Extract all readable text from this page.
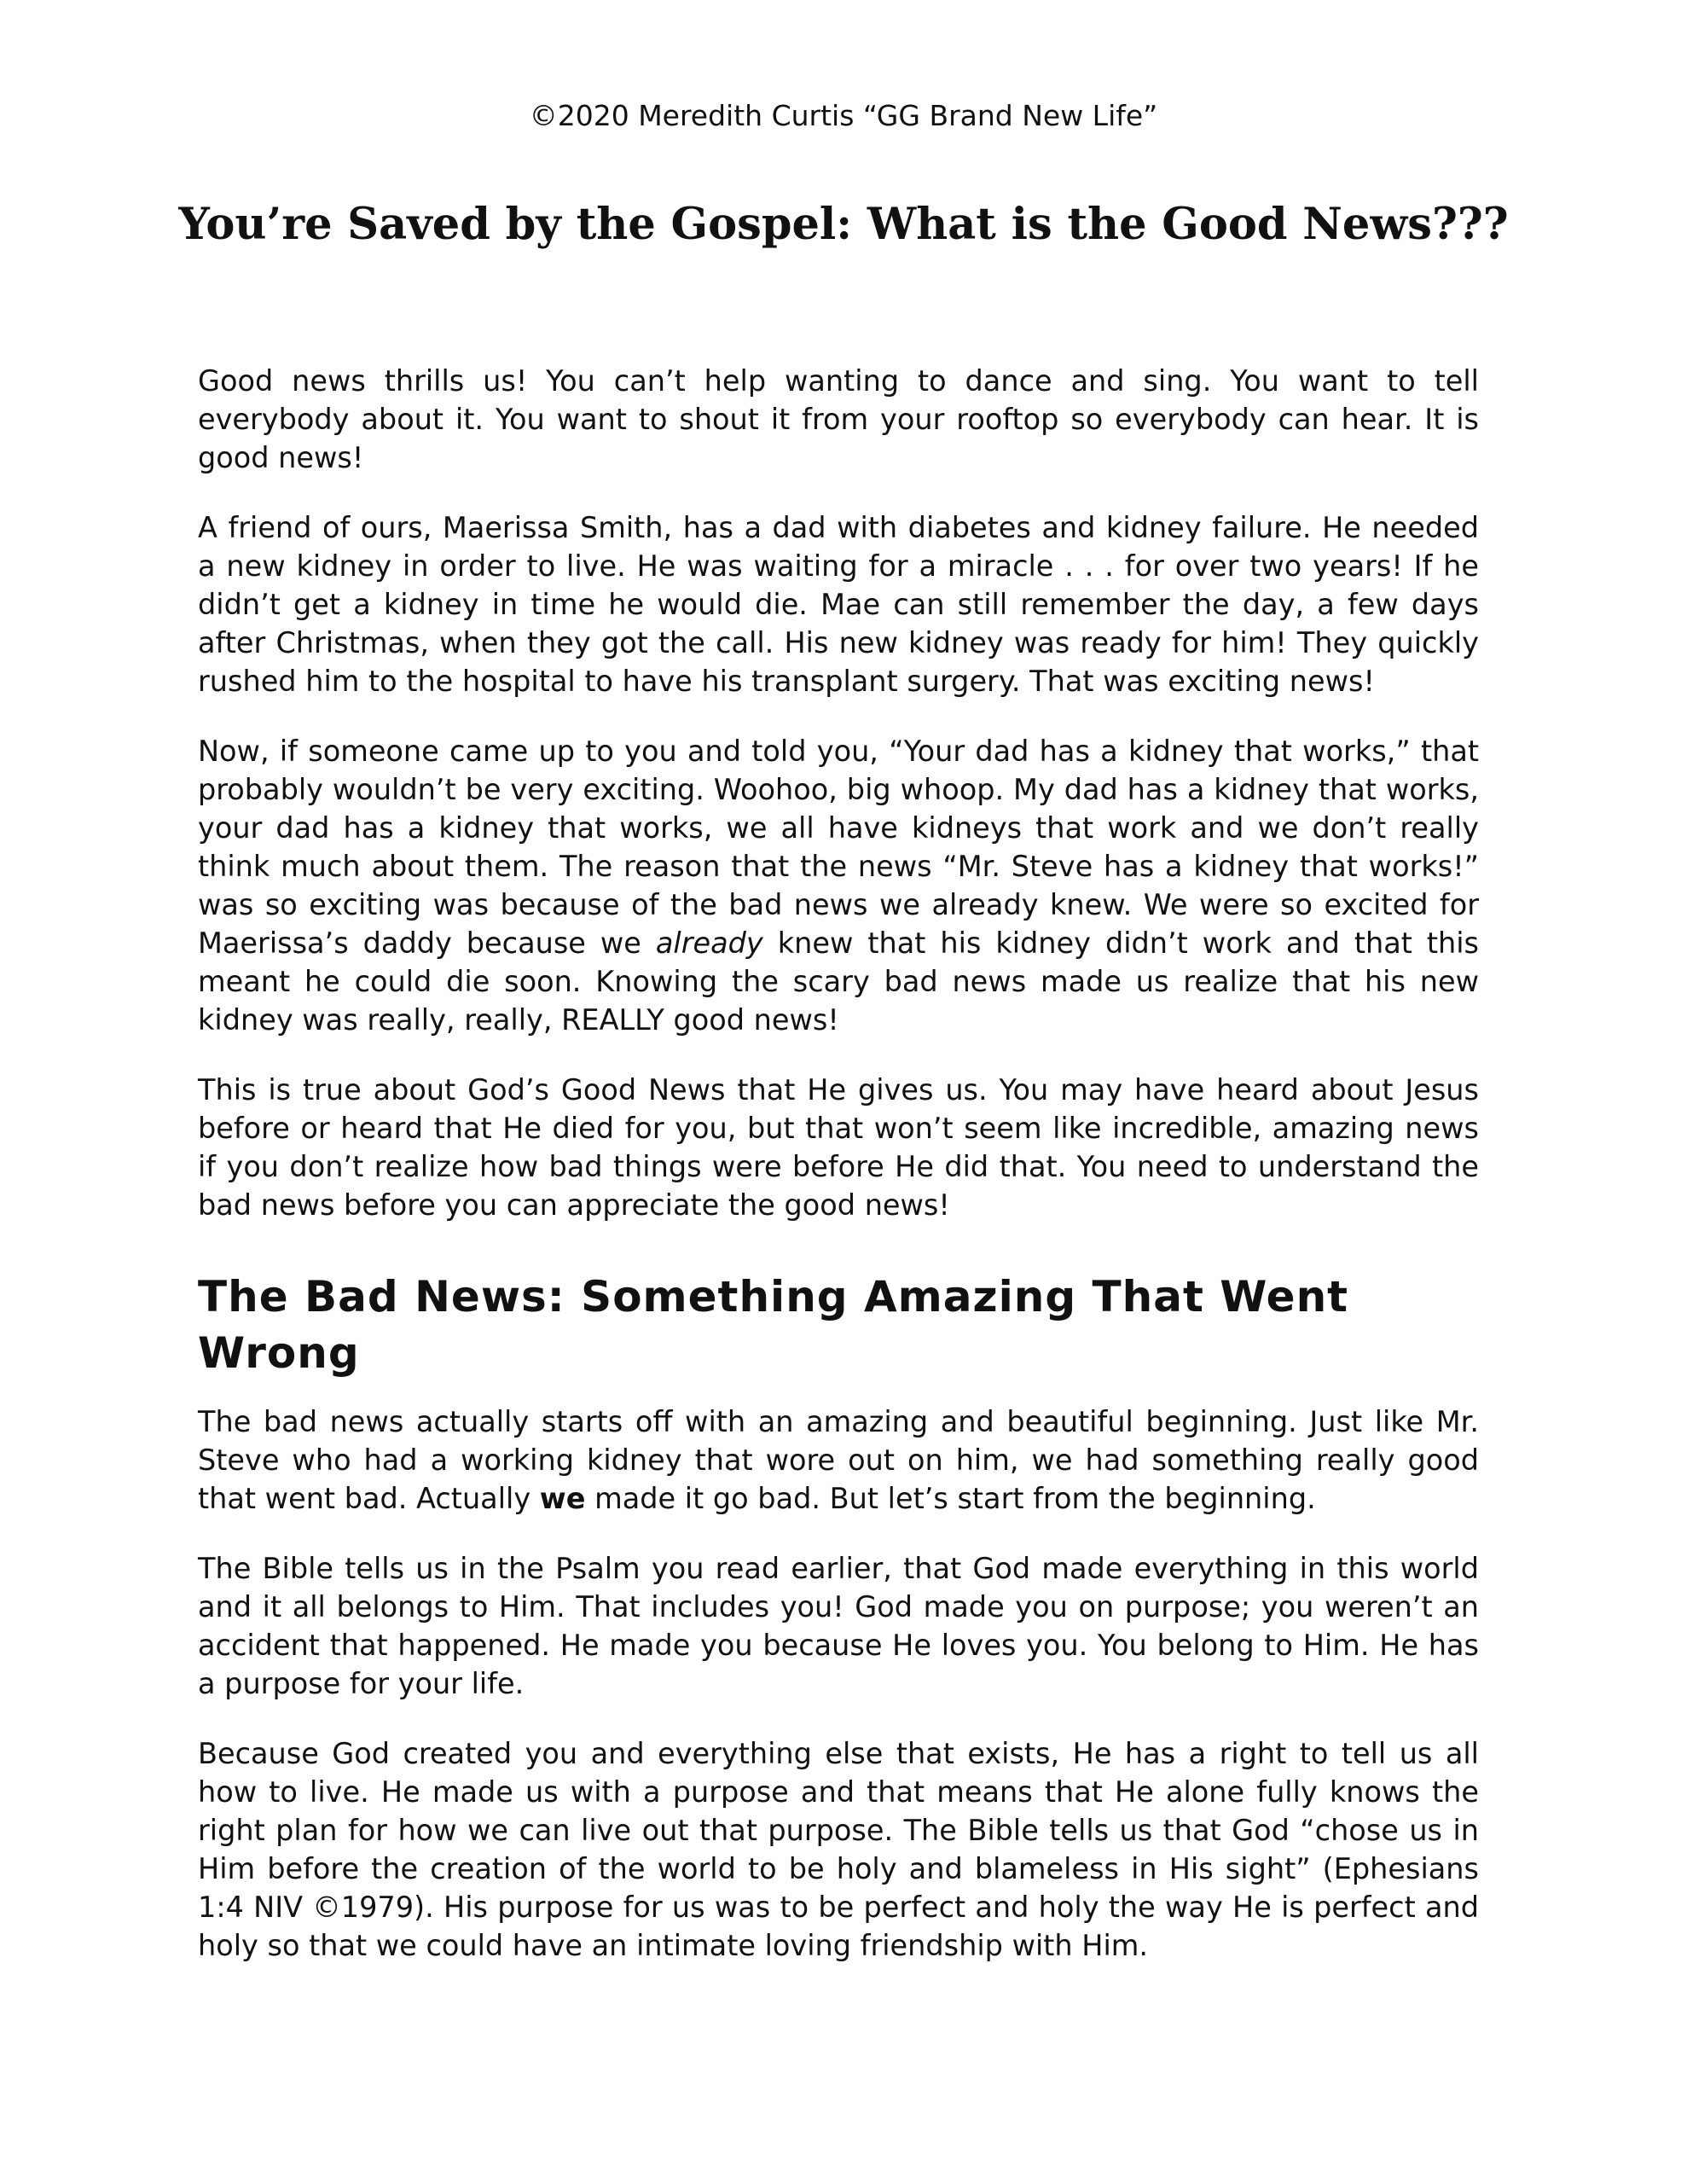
©2020 Meredith Curtis “GG Brand New Life”
You’re Saved by the Gospel: What is the Good News???

Good news thrills us! You can’t help wanting to dance and sing. You want to tell everybody about it. You want to shout it from your rooftop so everybody can hear. It is good news!

A friend of ours, Maerissa Smith, has a dad with diabetes and kidney failure. He needed a new kidney in order to live. He was waiting for a miracle . . . for over two years! If he didn’t get a kidney in time he would die. Mae can still remember the day, a few days after Christmas, when they got the call. His new kidney was ready for him! They quickly rushed him to the hospital to have his transplant surgery. That was exciting news!

Now, if someone came up to you and told you, “Your dad has a kidney that works,” that probably wouldn’t be very exciting. Woohoo, big whoop. My dad has a kidney that works, your dad has a kidney that works, we all have kidneys that work and we don’t really think much about them. The reason that the news “Mr. Steve has a kidney that works!” was so exciting was because of the bad news we already knew. We were so excited for Maerissa’s daddy because we already knew that his kidney didn’t work and that this meant he could die soon. Knowing the scary bad news made us realize that his new kidney was really, really, REALLY good news!

This is true about God’s Good News that He gives us. You may have heard about Jesus before or heard that He died for you, but that won’t seem like incredible, amazing news if you don’t realize how bad things were before He did that. You need to understand the bad news before you can appreciate the good news!

The Bad News: Something Amazing That Went Wrong

The bad news actually starts off with an amazing and beautiful beginning. Just like Mr. Steve who had a working kidney that wore out on him, we had something really good that went bad. Actually we made it go bad. But let’s start from the beginning.

The Bible tells us in the Psalm you read earlier, that God made everything in this world and it all belongs to Him. That includes you! God made you on purpose; you weren’t an accident that happened. He made you because He loves you. You belong to Him. He has a purpose for your life.

Because God created you and everything else that exists, He has a right to tell us all how to live. He made us with a purpose and that means that He alone fully knows the right plan for how we can live out that purpose. The Bible tells us that God “chose us in Him before the creation of the world to be holy and blameless in His sight” (Ephesians 1:4 NIV ©1979). His purpose for us was to be perfect and holy the way He is perfect and holy so that we could have an intimate loving friendship with Him.
